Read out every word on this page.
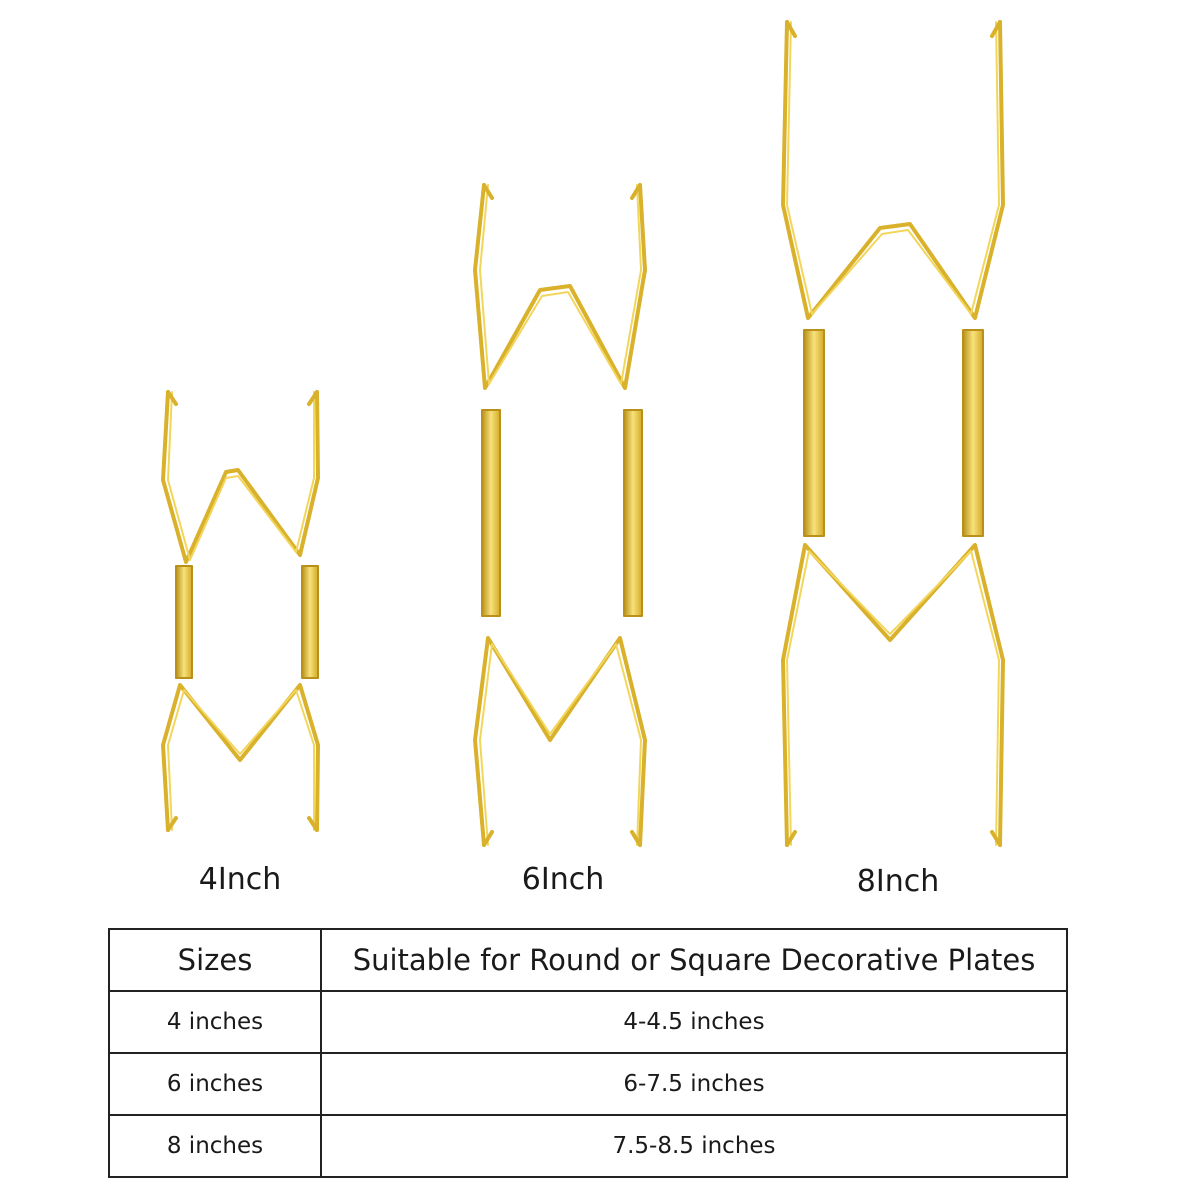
4Inch	6Inch	8Inch
Sizes	Suitable for Round or Square Decorative Plates
4 inches	4-4.5 inches
6 inches	6-7.5 inches
8 inches	7.5-8.5 inches
